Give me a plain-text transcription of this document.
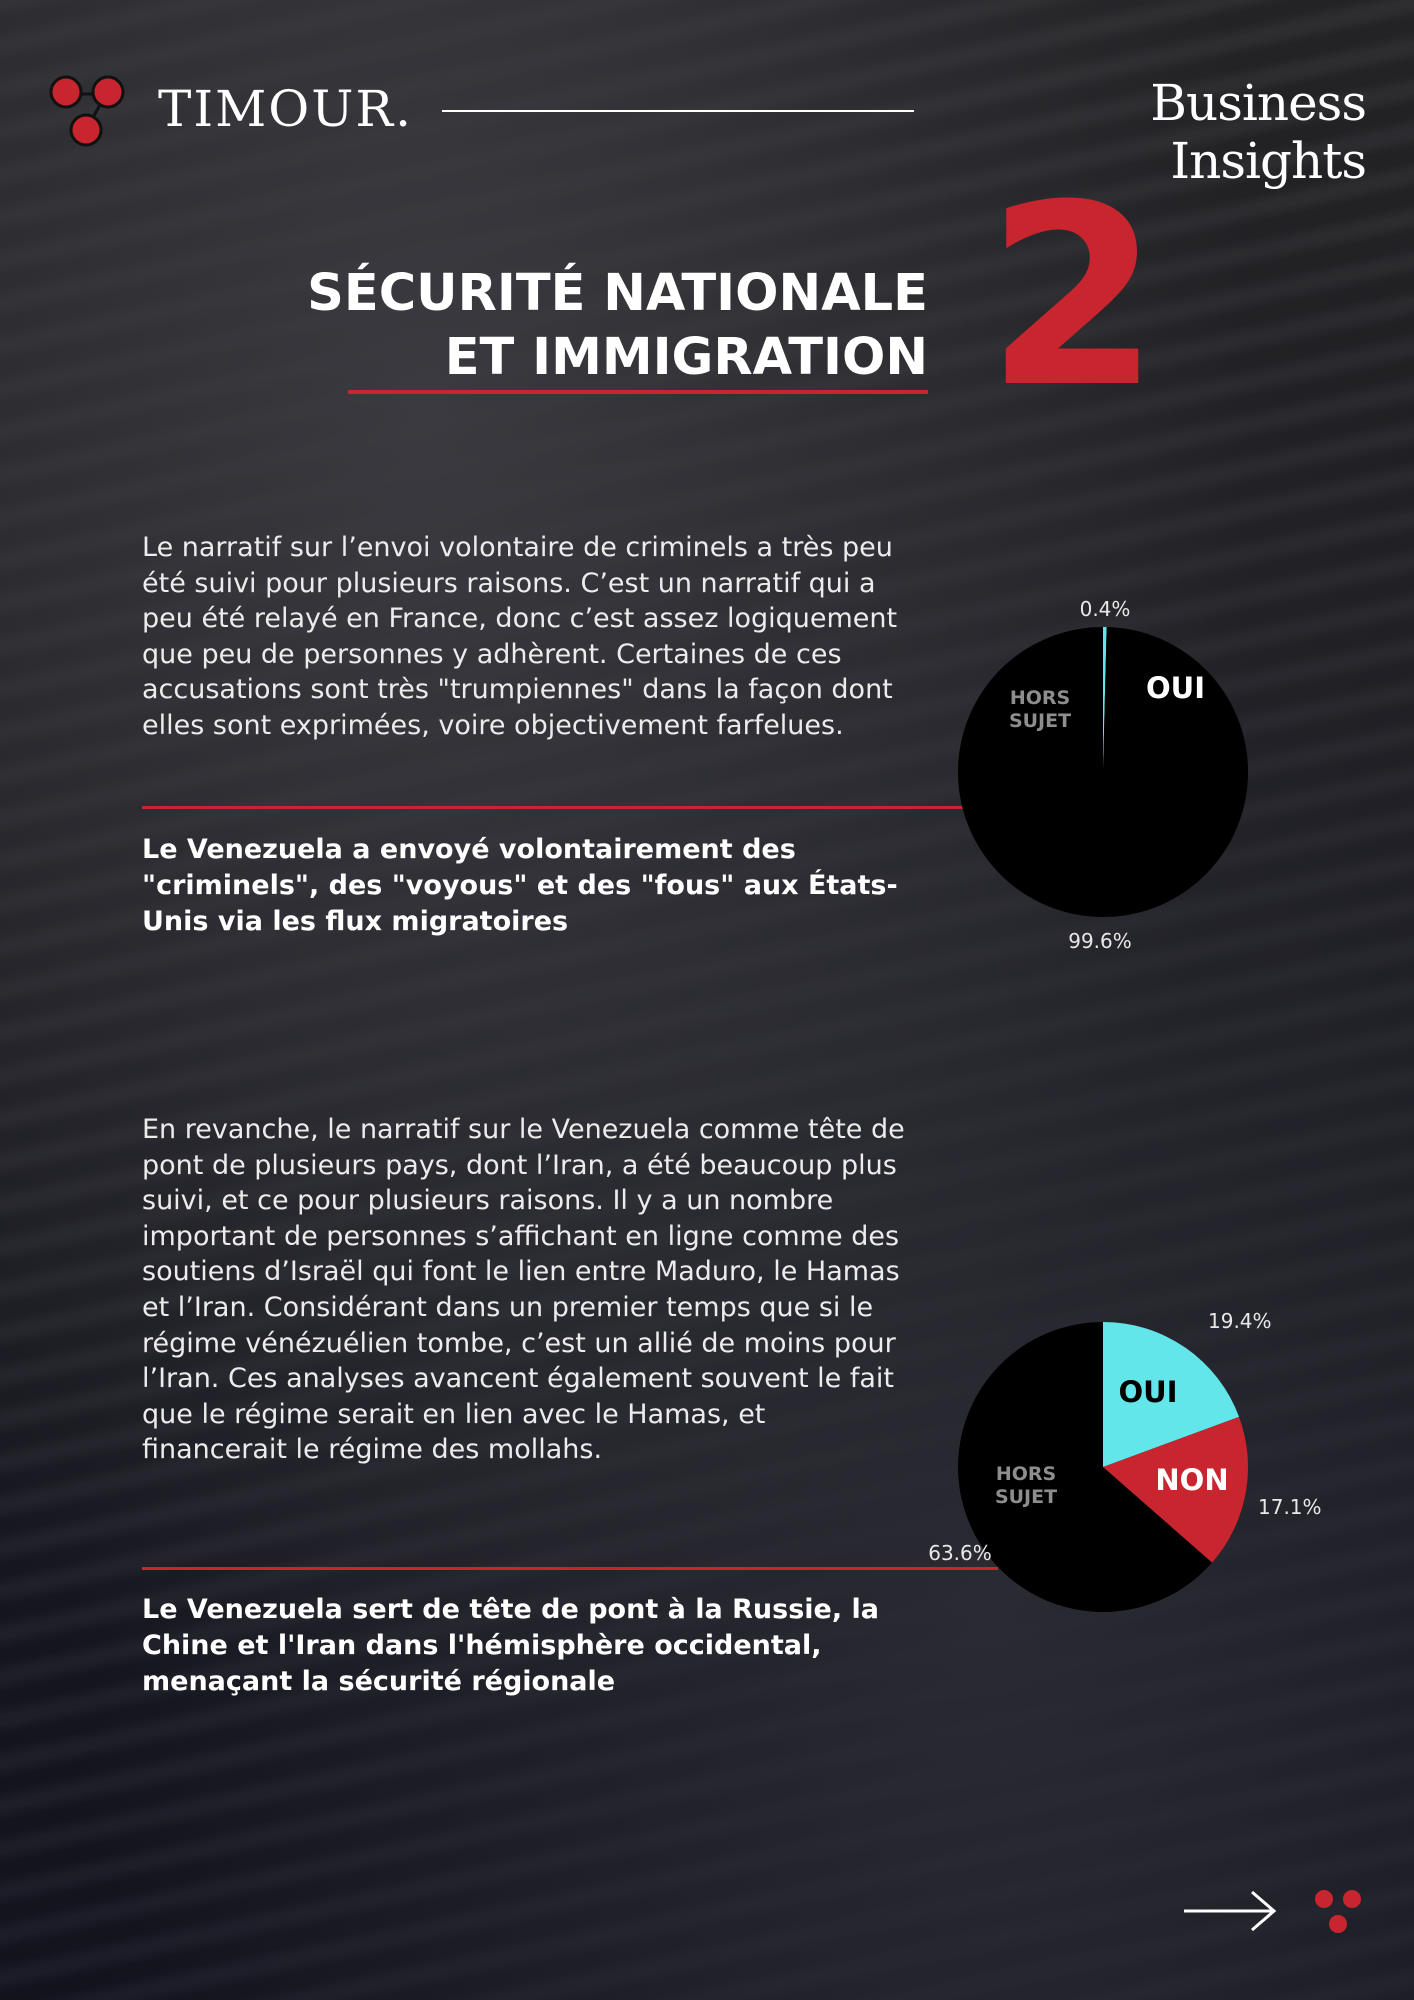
TIMOUR.	Business Insights
SÉCURITÉ NATIONALE
ET IMMIGRATION 2
Le narratif sur l’envoi volontaire de criminels a très peu été suivi pour plusieurs raisons. C’est un narratif qui a peu été relayé en France, donc c’est assez logiquement que peu de personnes y adhèrent. Certaines de ces accusations sont très "trumpiennes" dans la façon dont elles sont exprimées, voire objectivement farfelues.
Le Venezuela a envoyé volontairement des "criminels", des "voyous" et des "fous" aux États-Unis via les flux migratoires
OUI
0.4%
HORS SUJET
99.6%
En revanche, le narratif sur le Venezuela comme tête de pont de plusieurs pays, dont l’Iran, a été beaucoup plus suivi, et ce pour plusieurs raisons. Il y a un nombre important de personnes s’affichant en ligne comme des soutiens d’Israël qui font le lien entre Maduro, le Hamas et l’Iran. Considérant dans un premier temps que si le régime vénézuélien tombe, c’est un allié de moins pour l’Iran. Ces analyses avancent également souvent le fait que le régime serait en lien avec le Hamas, et financerait le régime des mollahs.
Le Venezuela sert de tête de pont à la Russie, la Chine et l'Iran dans l'hémisphère occidental, menaçant la sécurité régionale
OUI
19.4%
NON
17.1%
HORS SUJET
63.6%
